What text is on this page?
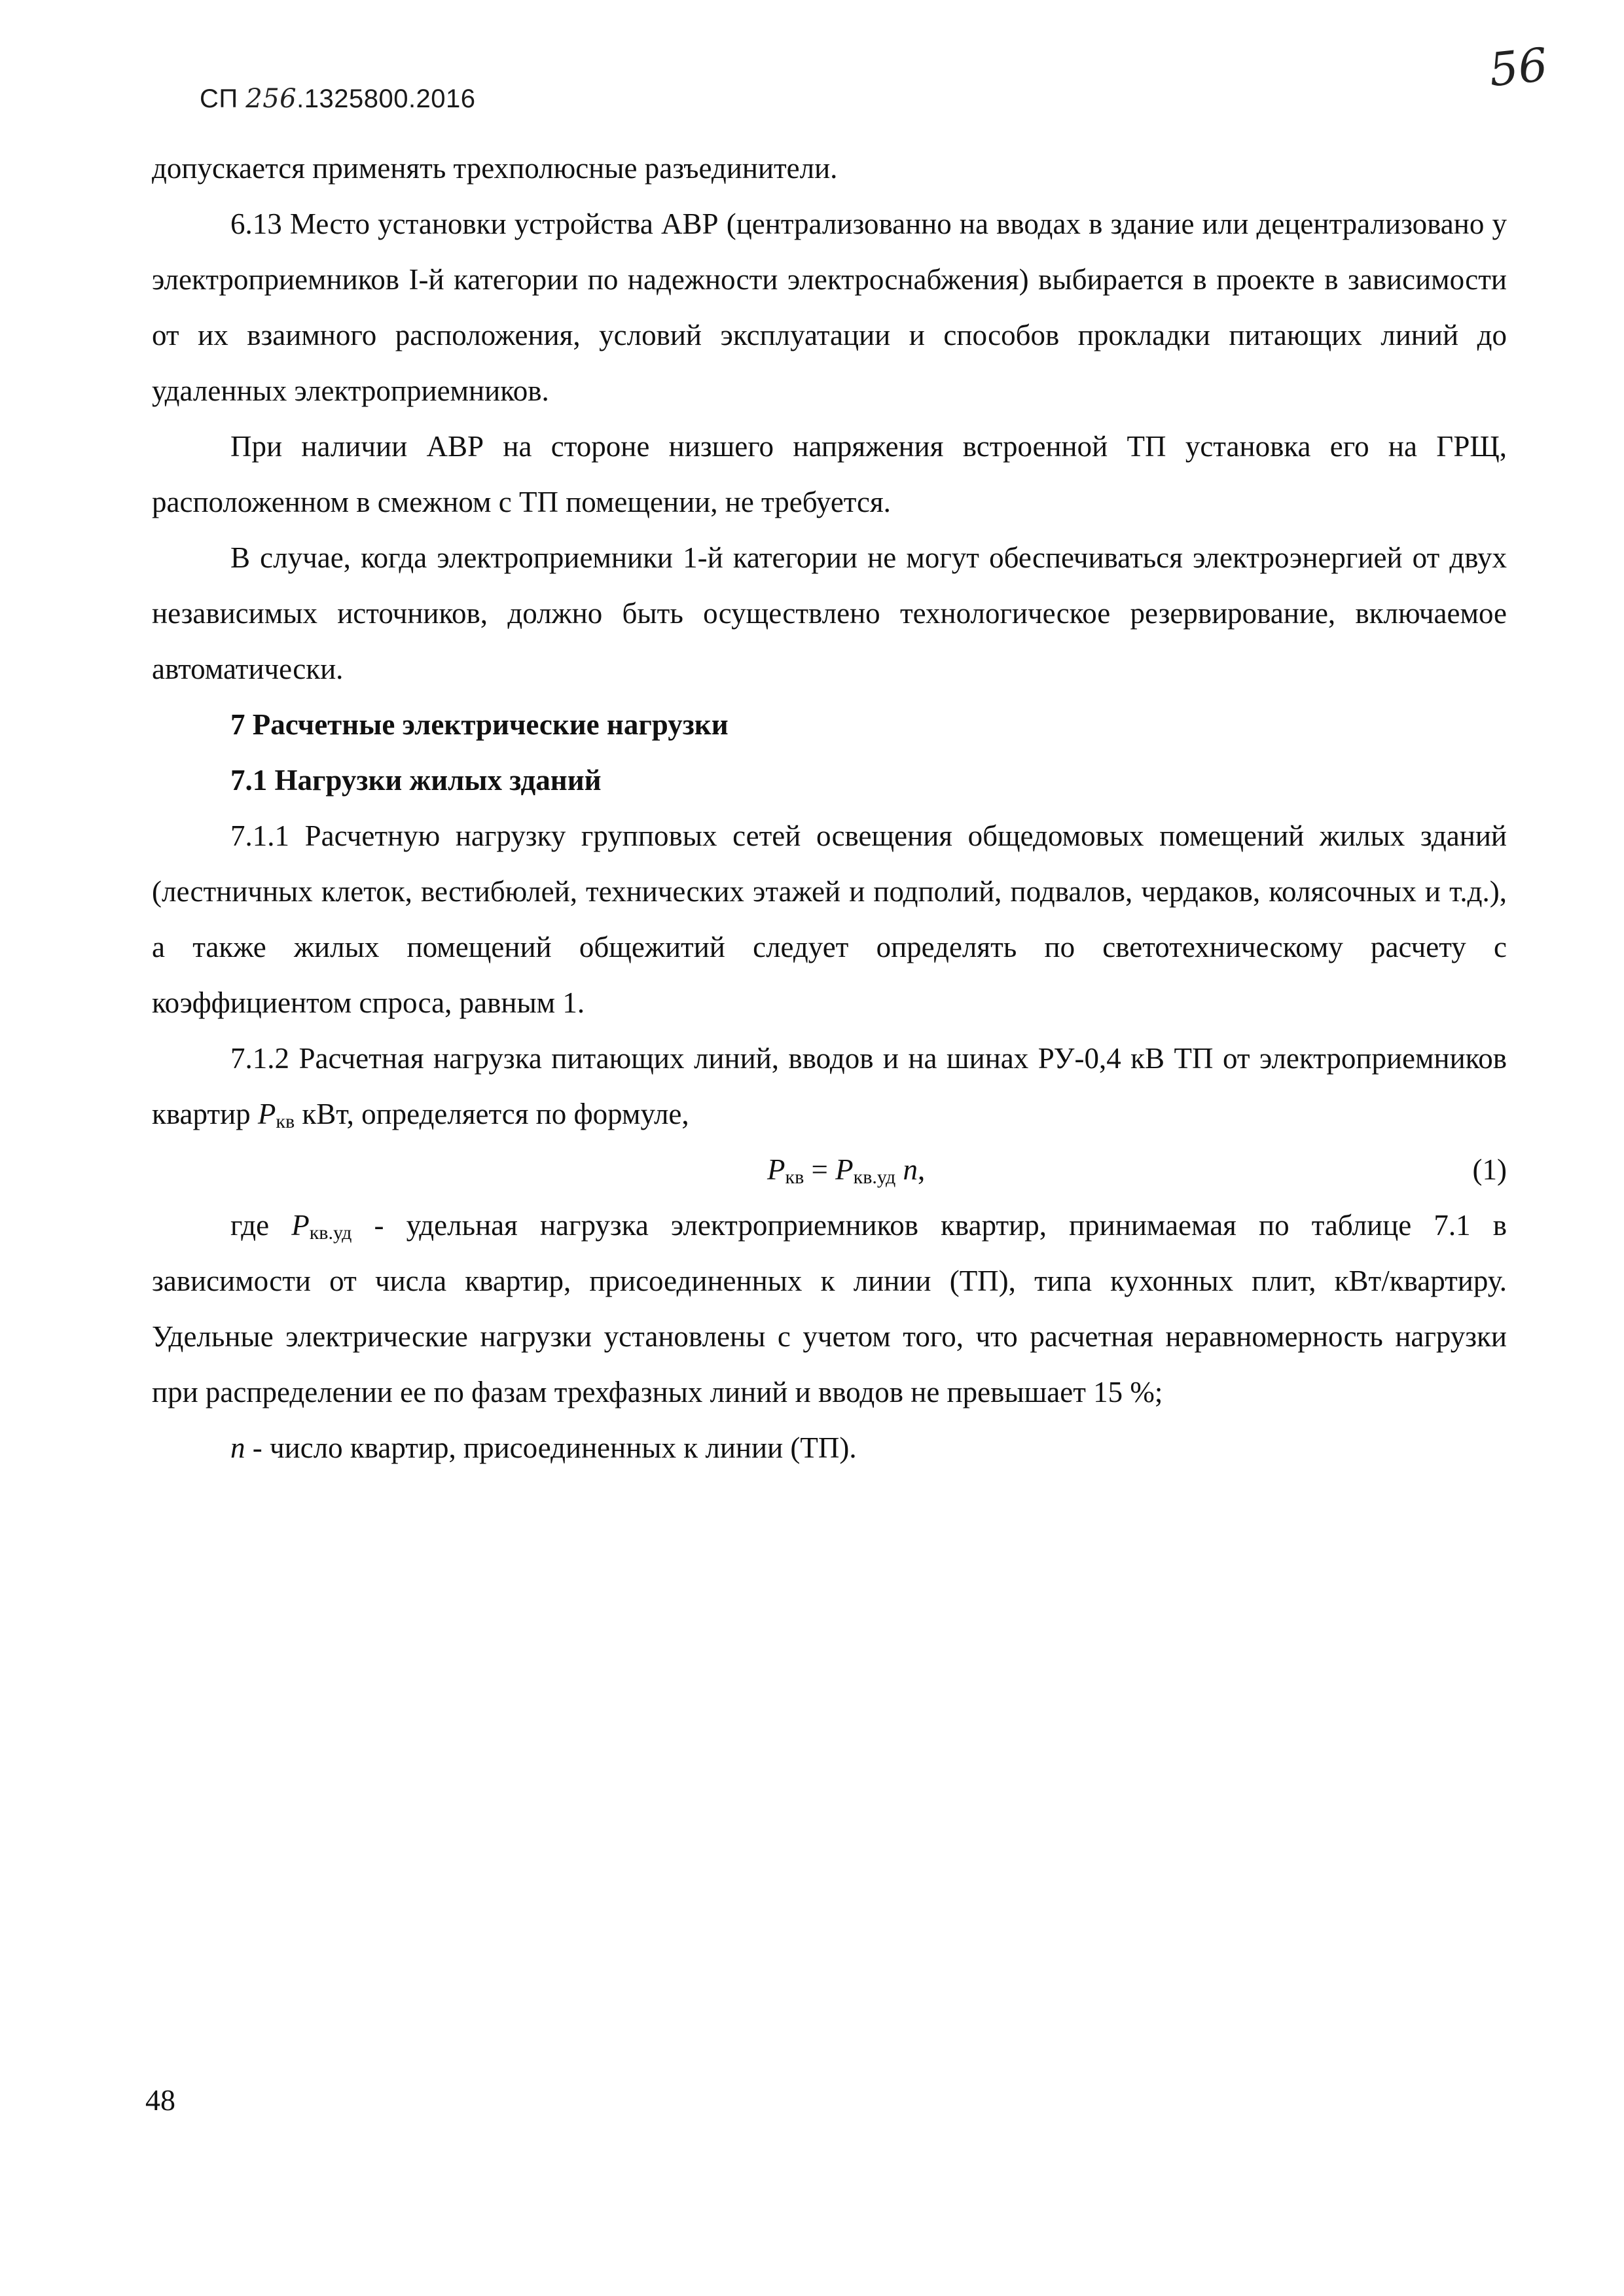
СП 256.1325800.2016
56

допускается применять трехполюсные разъединители.

6.13 Место установки устройства АВР (централизованно на вводах в здание или децентрализовано у электроприемников I-й категории по надежности электроснабжения) выбирается в проекте в зависимости от их взаимного расположения, условий эксплуатации и способов прокладки питающих линий до удаленных электроприемников.

При наличии АВР на стороне низшего напряжения встроенной ТП установка его на ГРЩ, расположенном в смежном с ТП помещении, не требуется.

В случае, когда электроприемники 1-й категории не могут обеспечиваться электроэнергией от двух независимых источников, должно быть осуществлено технологическое резервирование, включаемое автоматически.

7 Расчетные электрические нагрузки

7.1 Нагрузки жилых зданий

7.1.1 Расчетную нагрузку групповых сетей освещения общедомовых помещений жилых зданий (лестничных клеток, вестибюлей, технических этажей и подполий, подвалов, чердаков, колясочных и т.д.), а также жилых помещений общежитий следует определять по светотехническому расчету с коэффициентом спроса, равным 1.

7.1.2 Расчетная нагрузка питающих линий, вводов и на шинах РУ-0,4 кВ ТП от электроприемников квартир $P_{кв}$ кВт, определяется по формуле,

$P_{кв} = P_{кв.уд}$ n,	(1)

где $P_{кв.уд}$ - удельная нагрузка электроприемников квартир, принимаемая по таблице 7.1 в зависимости от числа квартир, присоединенных к линии (ТП), типа кухонных плит, кВт/квартиру. Удельные электрические нагрузки установлены с учетом того, что расчетная неравномерность нагрузки при распределении ее по фазам трехфазных линий и вводов не превышает 15 %;

n - число квартир, присоединенных к линии (ТП).

48
